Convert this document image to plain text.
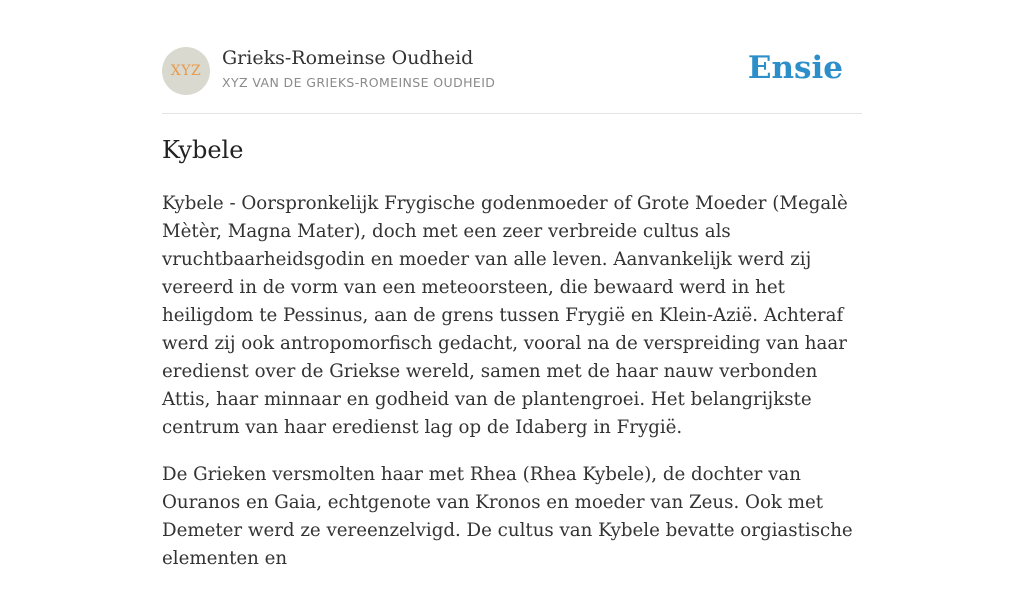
XYZ
Grieks-Romeinse Oudheid
XYZ VAN DE GRIEKS-ROMEINSE OUDHEID	Ensie
Kybele

Kybele - Oorspronkelijk Frygische godenmoeder of Grote Moeder (Megalè Mètèr, Magna Mater), doch met een zeer verbreide cultus als vruchtbaarheidsgodin en moeder van alle leven. Aanvankelijk werd zij vereerd in de vorm van een meteoorsteen, die bewaard werd in het heiligdom te Pessinus, aan de grens tussen Frygië en Klein-Azië. Achteraf werd zij ook antropomorfisch gedacht, vooral na de verspreiding van haar eredienst over de Griekse wereld, samen met de haar nauw verbonden Attis, haar minnaar en godheid van de plantengroei. Het belangrijkste centrum van haar eredienst lag op de Idaberg in Frygië.

De Grieken versmolten haar met Rhea (Rhea Kybele), de dochter van Ouranos en Gaia, echtgenote van Kronos en moeder van Zeus. Ook met Demeter werd ze vereenzelvigd. De cultus van Kybele bevatte orgiastische elementen en
